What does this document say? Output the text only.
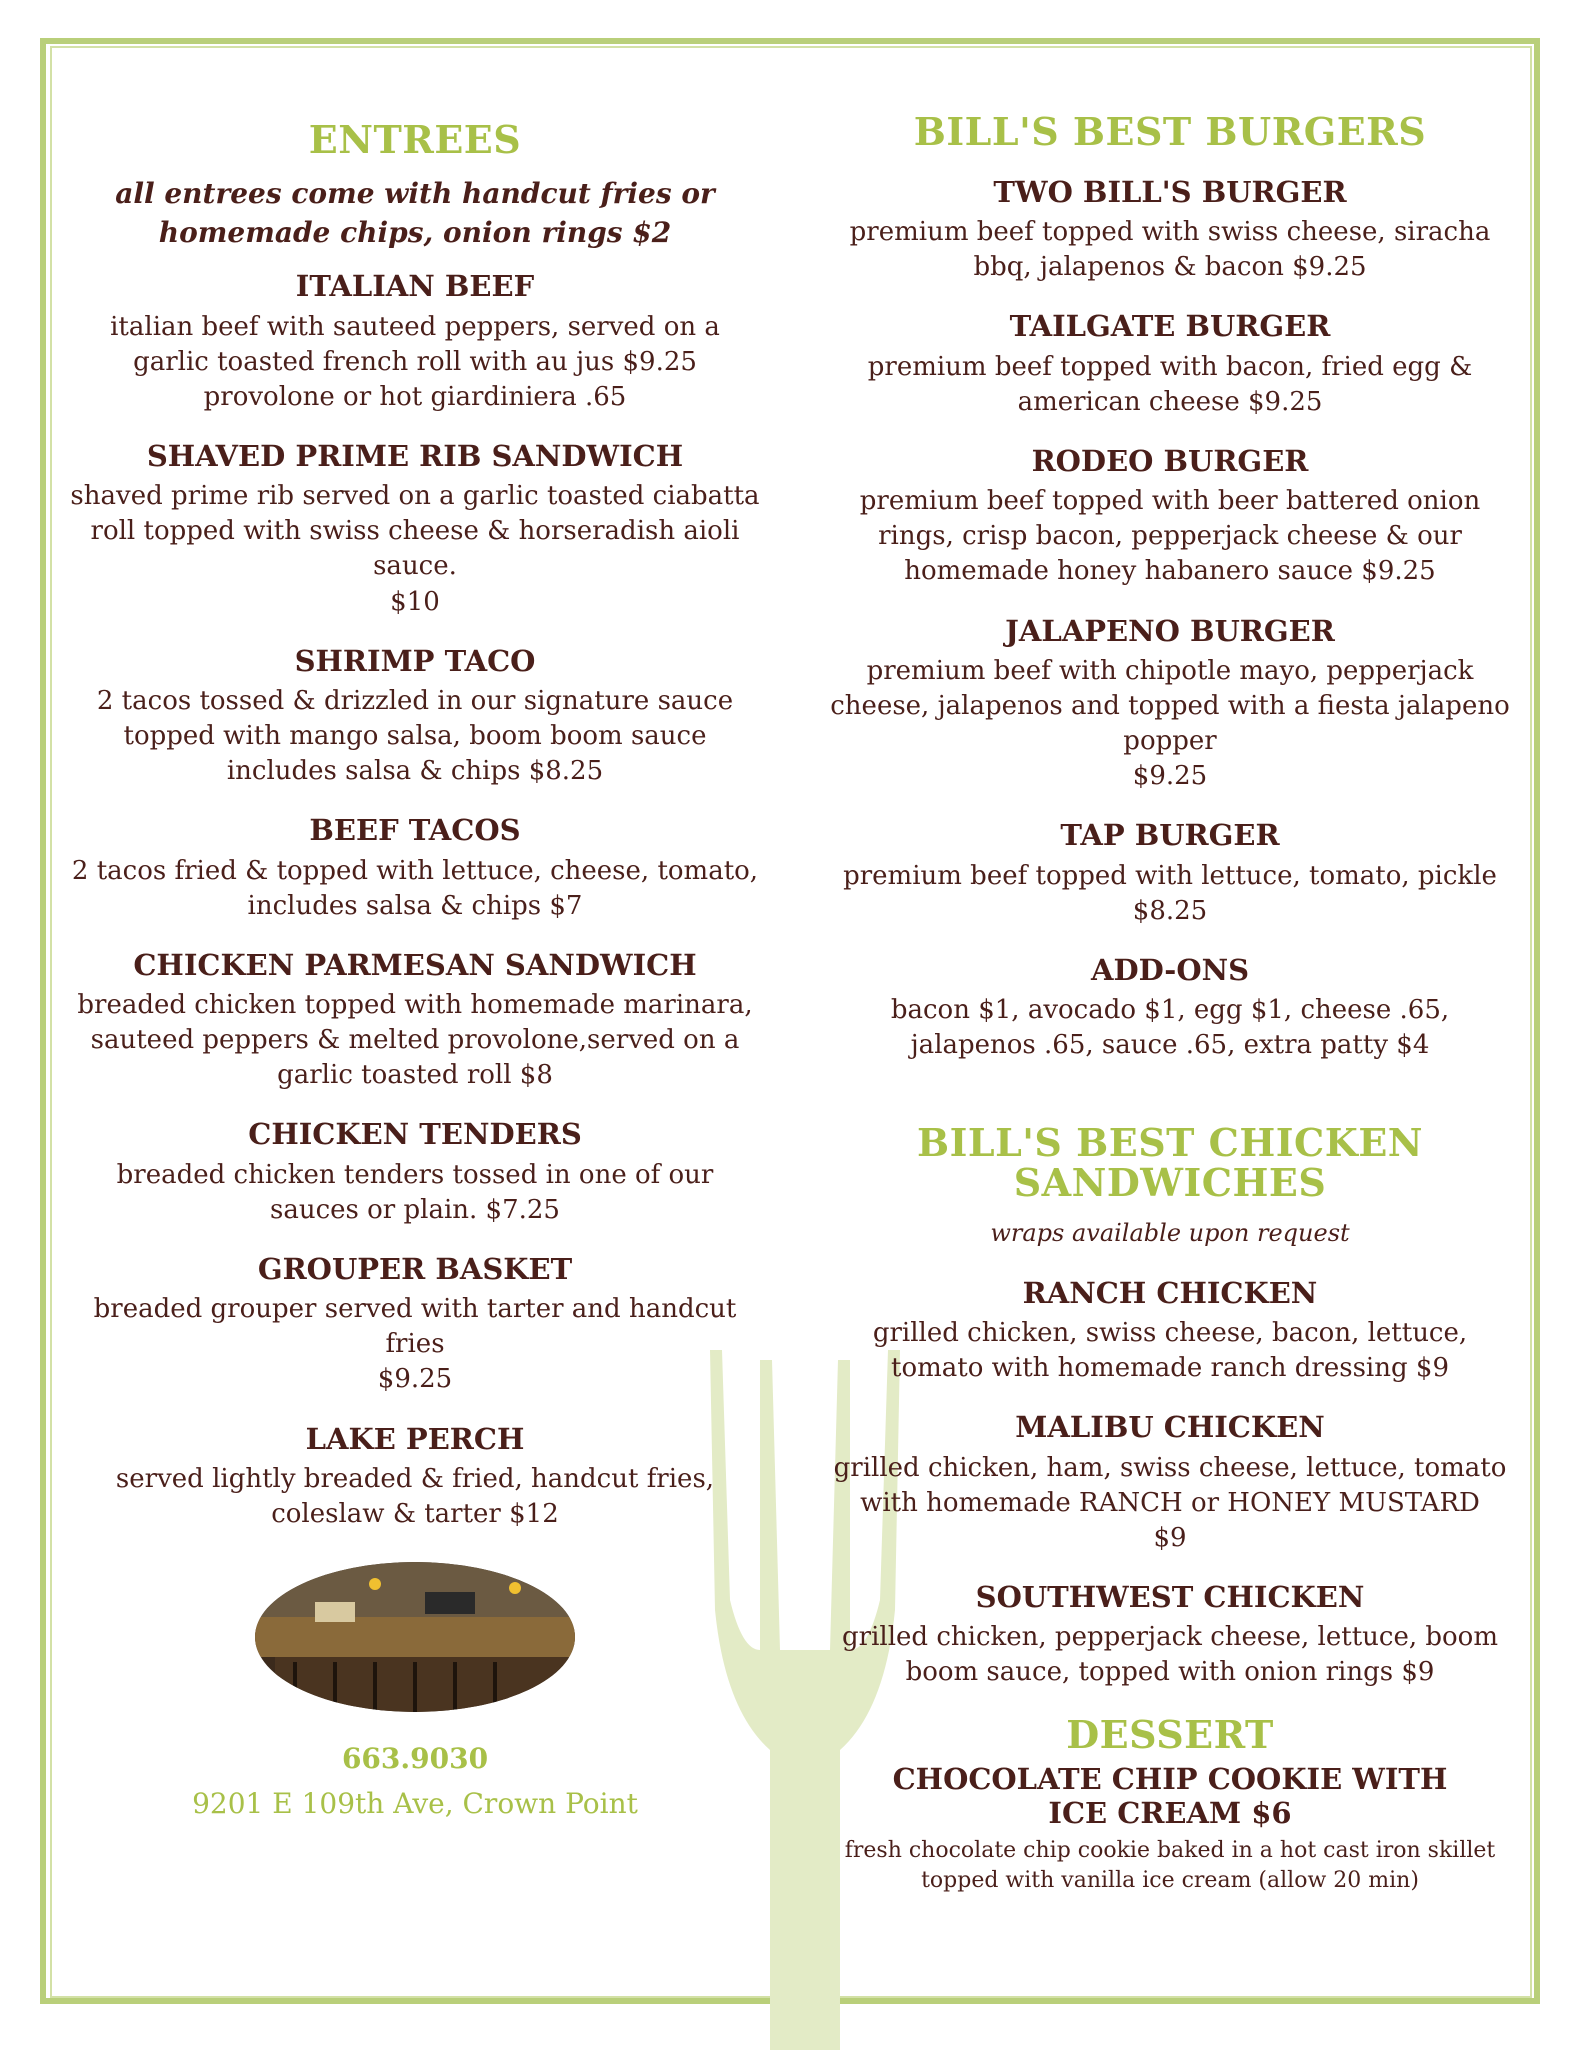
ENTREES
all entrees come with handcut fries or homemade chips, onion rings $2
ITALIAN BEEF
italian beef with sauteed peppers, served on a garlic toasted french roll with au jus $9.25
provolone or hot giardiniera .65
SHAVED PRIME RIB SANDWICH
shaved prime rib served on a garlic toasted ciabatta roll topped with swiss cheese & horseradish aioli sauce.
$10
SHRIMP TACO
2 tacos tossed & drizzled in our signature sauce topped with mango salsa, boom boom sauce includes salsa & chips $8.25
BEEF TACOS
2 tacos fried & topped with lettuce, cheese, tomato, includes salsa & chips $7
CHICKEN PARMESAN SANDWICH
breaded chicken topped with homemade marinara, sauteed peppers & melted provolone,served on a garlic toasted roll $8
CHICKEN TENDERS
breaded chicken tenders tossed in one of our sauces or plain. $7.25
GROUPER BASKET
breaded grouper served with tarter and handcut fries
$9.25
LAKE PERCH
served lightly breaded & fried, handcut fries, coleslaw & tarter $12
663.9030
9201 E 109th Ave, Crown Point
BILL'S BEST BURGERS
TWO BILL'S BURGER
premium beef topped with swiss cheese, siracha bbq, jalapenos & bacon $9.25
TAILGATE BURGER
premium beef topped with bacon, fried egg & american cheese $9.25
RODEO BURGER
premium beef topped with beer battered onion rings, crisp bacon, pepperjack cheese & our homemade honey habanero sauce $9.25
JALAPENO BURGER
premium beef with chipotle mayo, pepperjack cheese, jalapenos and topped with a fiesta jalapeno popper
$9.25
TAP BURGER
premium beef topped with lettuce, tomato, pickle
$8.25
ADD-ONS
bacon $1, avocado $1, egg $1, cheese .65, jalapenos .65, sauce .65, extra patty $4
BILL'S BEST CHICKEN SANDWICHES
wraps available upon request
RANCH CHICKEN
grilled chicken, swiss cheese, bacon, lettuce, tomato with homemade ranch dressing $9
MALIBU CHICKEN
grilled chicken, ham, swiss cheese, lettuce, tomato with homemade RANCH or HONEY MUSTARD
$9
SOUTHWEST CHICKEN
grilled chicken, pepperjack cheese, lettuce, boom boom sauce, topped with onion rings $9
DESSERT
CHOCOLATE CHIP COOKIE WITH ICE CREAM $6
fresh chocolate chip cookie baked in a hot cast iron skillet topped with vanilla ice cream (allow 20 min)
